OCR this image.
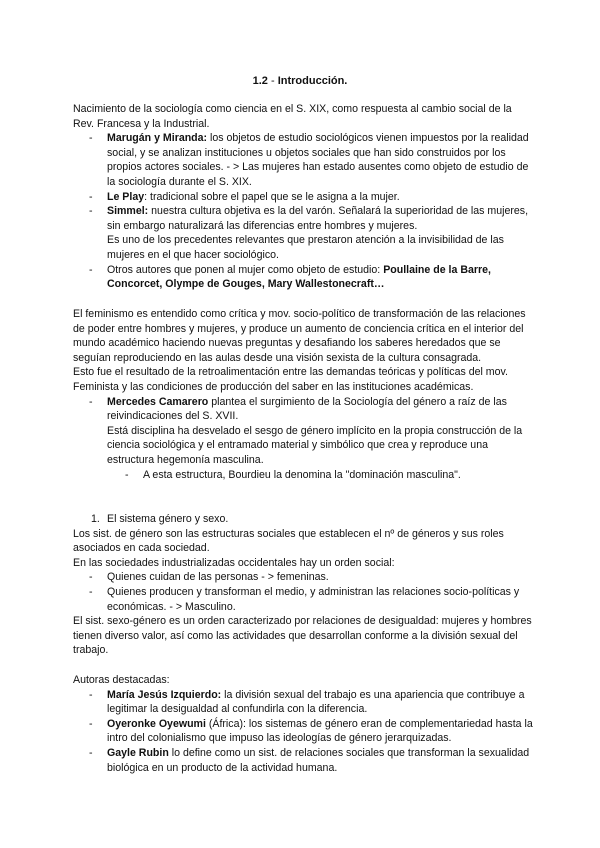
1.2 - Introducción.

Nacimiento de la sociología como ciencia en el S. XIX, como respuesta al cambio social de la Rev. Francesa y la Industrial.

- Marugán y Miranda: los objetos de estudio sociológicos vienen impuestos por la realidad social, y se analizan instituciones u objetos sociales que han sido construidos por los propios actores sociales. - > Las mujeres han estado ausentes como objeto de estudio de la sociología durante el S. XIX.
- Le Play: tradicional sobre el papel que se le asigna a la mujer.
- Simmel: nuestra cultura objetiva es la del varón. Señalará la superioridad de las mujeres, sin embargo naturalizará las diferencias entre hombres y mujeres.
Es uno de los precedentes relevantes que prestaron atención a la invisibilidad de las mujeres en el que hacer sociológico.
- Otros autores que ponen al mujer como objeto de estudio: Poullaine de la Barre, Concorcet, Olympe de Gouges, Mary Wallestonecraft…

El feminismo es entendido como crítica y mov. socio-político de transformación de las relaciones de poder entre hombres y mujeres, y produce un aumento de conciencia crítica en el interior del mundo académico haciendo nuevas preguntas y desafiando los saberes heredados que se seguían reproduciendo en las aulas desde una visión sexista de la cultura consagrada.

Esto fue el resultado de la retroalimentación entre las demandas teóricas y políticas del mov. Feminista y las condiciones de producción del saber en las instituciones académicas.

- Mercedes Camarero plantea el surgimiento de la Sociología del género a raíz de las reivindicaciones del S. XVII.
Está disciplina ha desvelado el sesgo de género implícito en la propia construcción de la ciencia sociológica y el entramado material y simbólico que crea y reproduce una estructura hegemonía masculina.
- A esta estructura, Bourdieu la denomina la "dominación masculina".
1. El sistema género y sexo.

Los sist. de género son las estructuras sociales que establecen el nº de géneros y sus roles asociados en cada sociedad.

En las sociedades industrializadas occidentales hay un orden social:

- Quienes cuidan de las personas - > femeninas.
- Quienes producen y transforman el medio, y administran las relaciones socio-políticas y económicas. - > Masculino.

El sist. sexo-género es un orden caracterizado por relaciones de desigualdad: mujeres y hombres tienen diverso valor, así como las actividades que desarrollan conforme a la división sexual del trabajo.

Autoras destacadas:

- María Jesús Izquierdo: la división sexual del trabajo es una apariencia que contribuye a legitimar la desigualdad al confundirla con la diferencia.
- Oyeronke Oyewumi (África): los sistemas de género eran de complementariedad hasta la intro del colonialismo que impuso las ideologías de género jerarquizadas.
- Gayle Rubin lo define como un sist. de relaciones sociales que transforman la sexualidad biológica en un producto de la actividad humana.
